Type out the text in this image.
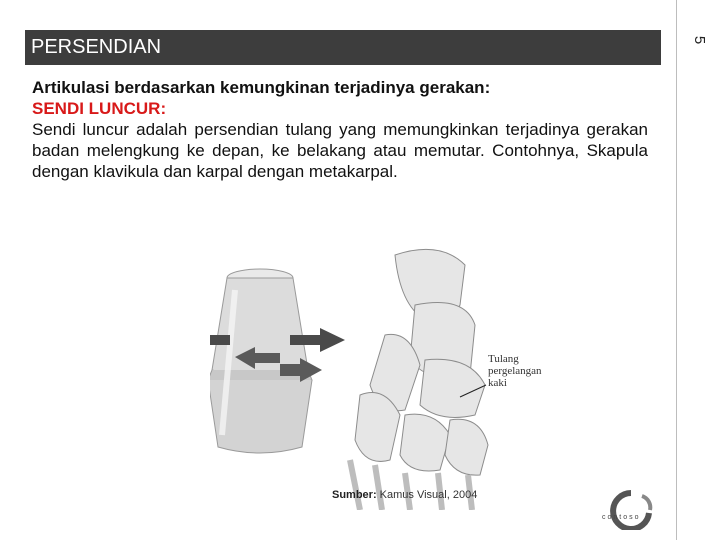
5
PERSENDIAN
Artikulasi berdasarkan kemungkinan terjadinya gerakan:
SENDI LUNCUR:
Sendi luncur adalah persendian tulang yang memungkinkan terjadinya gerakan badan melengkung ke depan, ke belakang atau memutar. Contohnya, Skapula dengan klavikula dan karpal dengan metakarpal.
Tulang
pergelangan
kaki
Sumber: Kamus Visual, 2004
contoso
